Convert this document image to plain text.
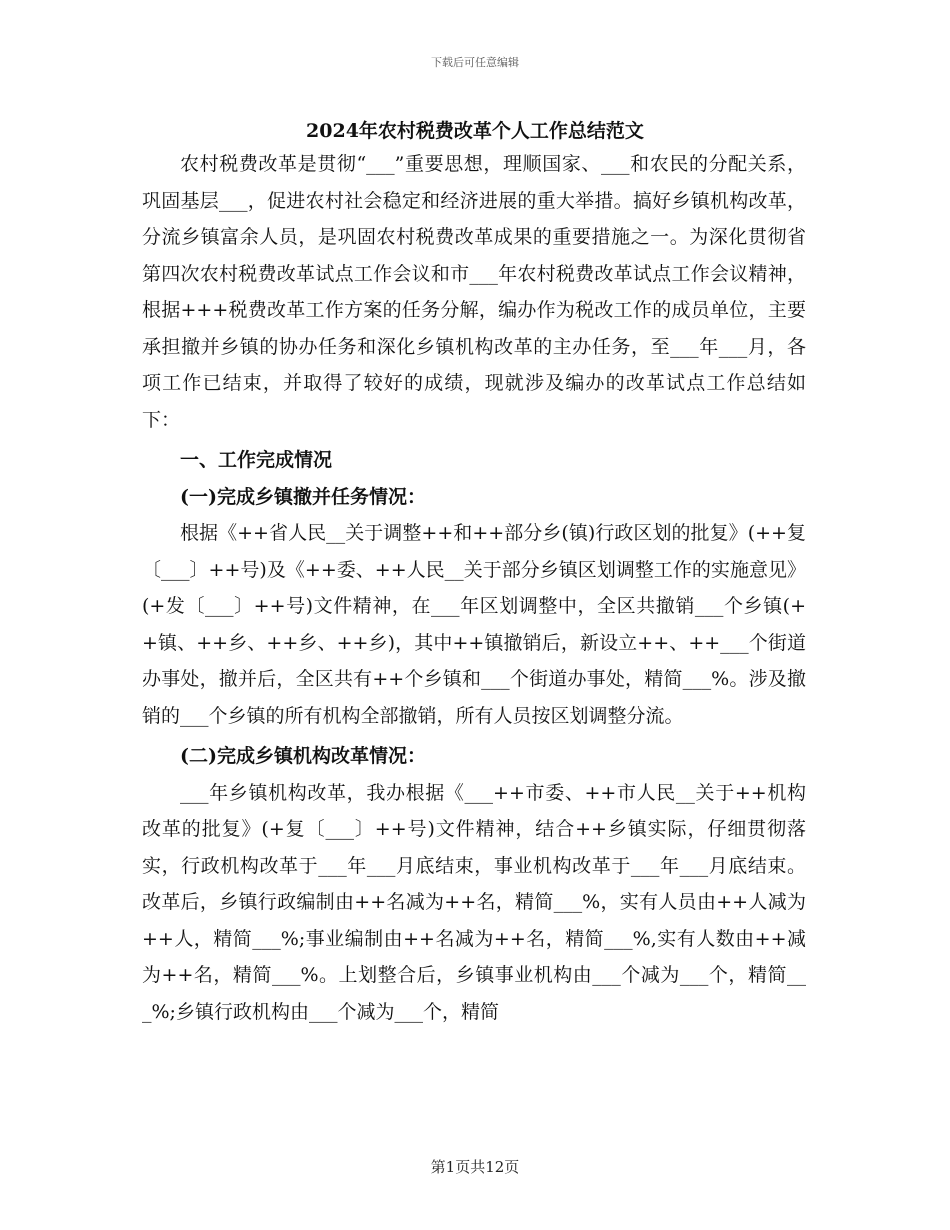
下载后可任意编辑
2024年农村税费改革个人工作总结范文

农村税费改革是贯彻“___”重要思想，理顺国家、___和农民的分配关系，巩固基层___，促进农村社会稳定和经济进展的重大举措。搞好乡镇机构改革，分流乡镇富余人员，是巩固农村税费改革成果的重要措施之一。为深化贯彻省第四次农村税费改革试点工作会议和市___年农村税费改革试点工作会议精神，根据+++税费改革工作方案的任务分解，编办作为税改工作的成员单位，主要承担撤并乡镇的协办任务和深化乡镇机构改革的主办任务，至___年___月，各项工作已结束，并取得了较好的成绩，现就涉及编办的改革试点工作总结如下：

一、工作完成情况
(一)完成乡镇撤并任务情况：

根据《++省人民__关于调整++和++部分乡(镇)行政区划的批复》(++复〔___〕++号)及《++委、++人民__关于部分乡镇区划调整工作的实施意见》(+发〔___〕++号)文件精神，在___年区划调整中，全区共撤销___个乡镇(++镇、++乡、++乡、++乡)，其中++镇撤销后，新设立++、++___个街道办事处，撤并后，全区共有++个乡镇和___个街道办事处，精简___%。涉及撤销的___个乡镇的所有机构全部撤销，所有人员按区划调整分流。

(二)完成乡镇机构改革情况：

___年乡镇机构改革，我办根据《___++市委、++市人民__关于++机构改革的批复》(+复〔___〕++号)文件精神，结合++乡镇实际，仔细贯彻落实，行政机构改革于___年___月底结束，事业机构改革于___年___月底结束。改革后，乡镇行政编制由++名减为++名，精简___%，实有人员由++人减为++人，精简___%;事业编制由++名减为++名，精简___%,实有人数由++减为++名，精简___%。上划整合后，乡镇事业机构由___个减为___个，精简___%;乡镇行政机构由___个减为___个，精简

第1页共12页
